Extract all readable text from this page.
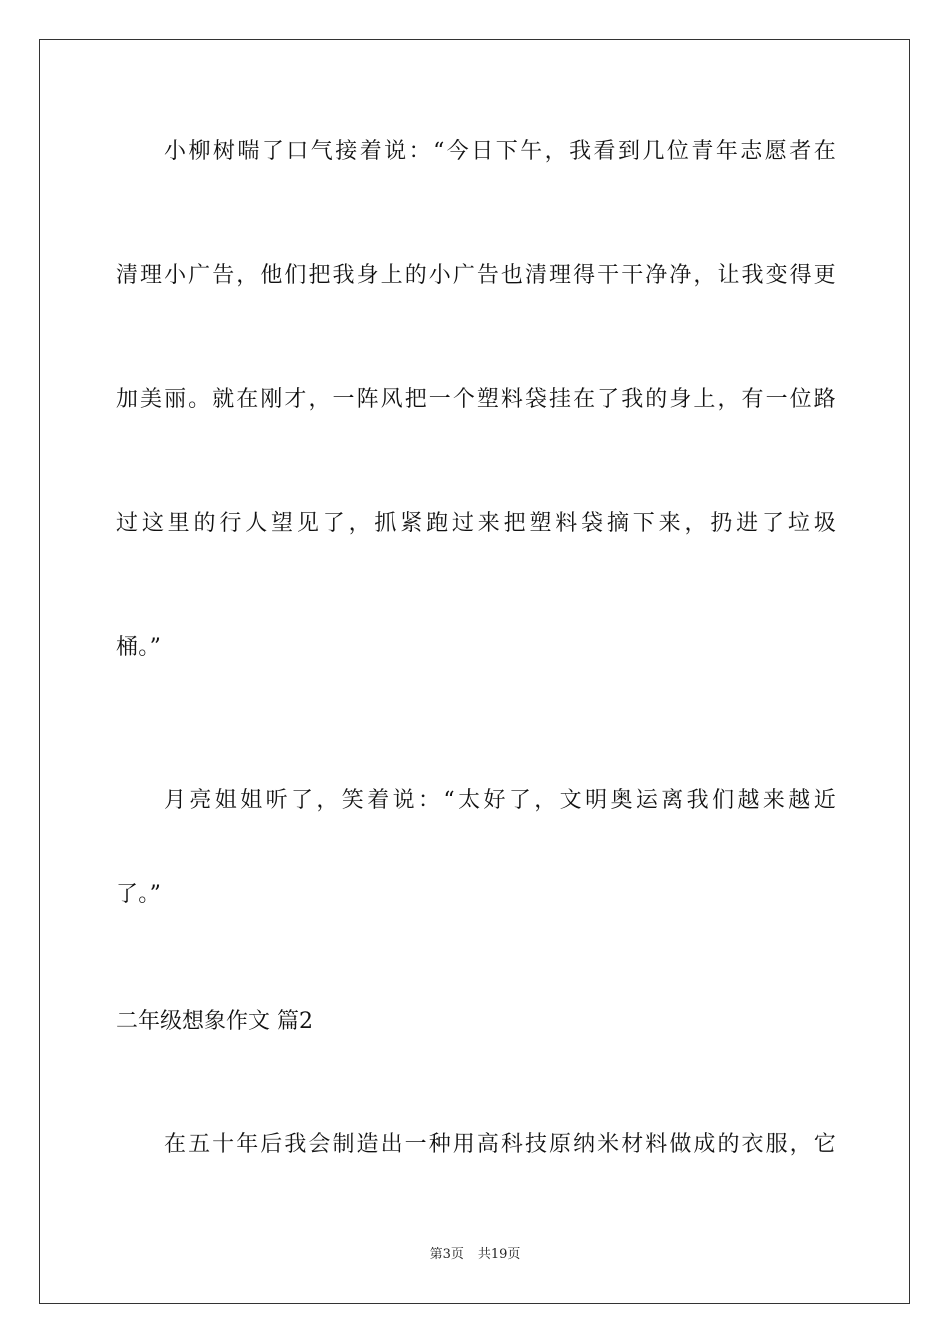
小柳树喘了口气接着说：“今日下午，我看到几位青年志愿者在
清理小广告，他们把我身上的小广告也清理得干干净净，让我变得更
加美丽。就在刚才，一阵风把一个塑料袋挂在了我的身上，有一位路
过这里的行人望见了，抓紧跑过来把塑料袋摘下来，扔进了垃圾
桶。”
月亮姐姐听了，笑着说：“太好了，文明奥运离我们越来越近
了。”
二年级想象作文 篇2
在五十年后我会制造出一种用高科技原纳米材料做成的衣服，它
第3页 共19页
